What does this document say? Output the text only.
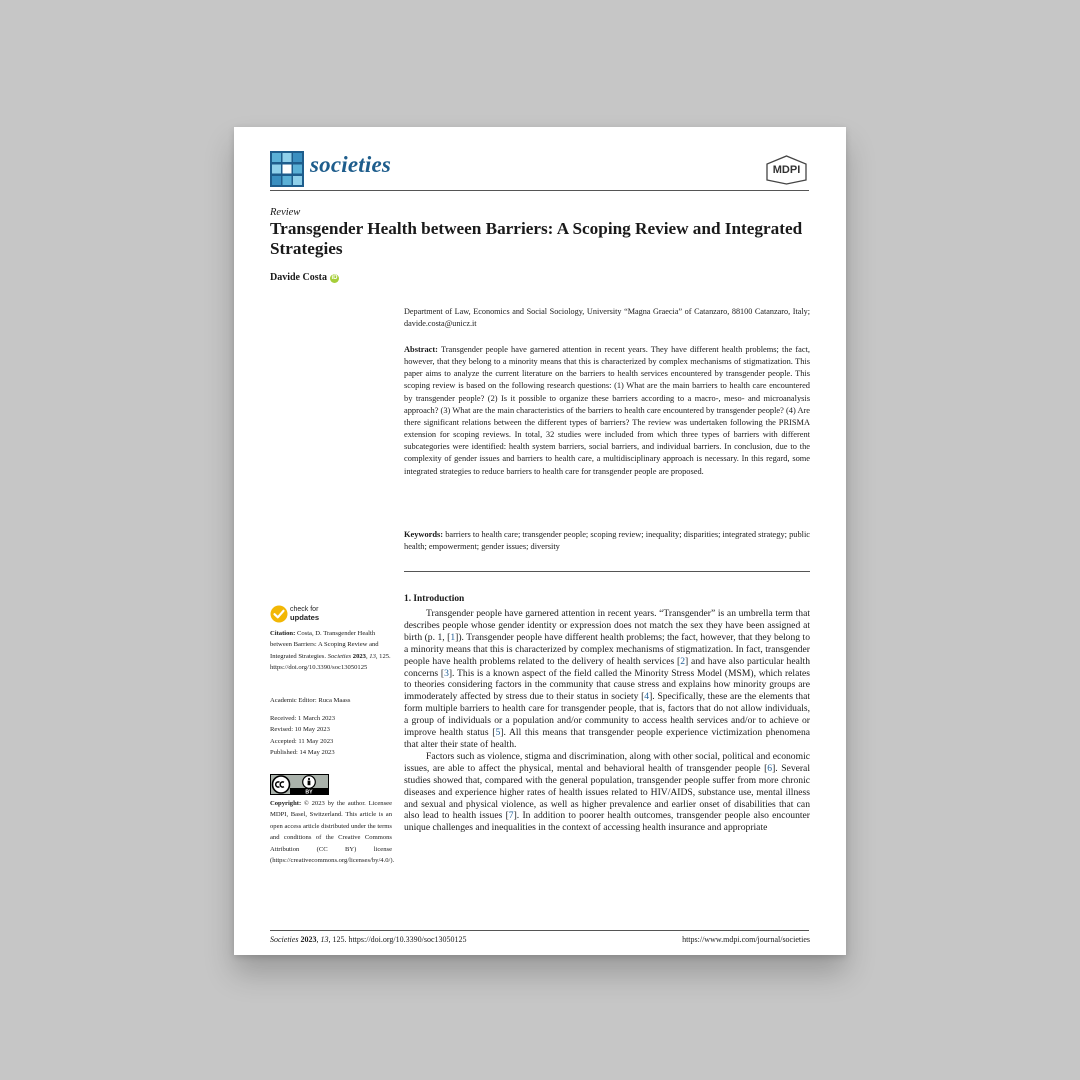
societies	MDPI
Review
Transgender Health between Barriers: A Scoping Review and Integrated Strategies
Davide Costa iD
Department of Law, Economics and Social Sociology, University “Magna Graecia” of Catanzaro, 88100 Catanzaro, Italy; davide.costa@unicz.it
Abstract: Transgender people have garnered attention in recent years. They have different health problems; the fact, however, that they belong to a minority means that this is characterized by complex mechanisms of stigmatization. This paper aims to analyze the current literature on the barriers to health services encountered by transgender people. This scoping review is based on the following research questions: (1) What are the main barriers to health care encountered by transgender people? (2) Is it possible to organize these barriers according to a macro-, meso- and microanalysis approach? (3) What are the main characteristics of the barriers to health care encountered by transgender people? (4) Are there significant relations between the different types of barriers? The review was undertaken following the PRISMA extension for scoping reviews. In total, 32 studies were included from which three types of barriers with different subcategories were identified: health system barriers, social barriers, and individual barriers. In conclusion, due to the complexity of gender issues and barriers to health care, a multidisciplinary approach is necessary. In this regard, some integrated strategies to reduce barriers to health care for transgender people are proposed.
Keywords: barriers to health care; transgender people; scoping review; inequality; disparities; integrated strategy; public health; empowerment; gender issues; diversity
1. Introduction

Transgender people have garnered attention in recent years. “Transgender” is an umbrella term that describes people whose gender identity or expression does not match the sex they have been assigned at birth (p. 1, [1]). Transgender people have different health problems; the fact, however, that they belong to a minority means that this is characterized by complex mechanisms of stigmatization. In fact, transgender people have health problems related to the delivery of health services [2] and have also particular health concerns [3]. This is a known aspect of the field called the Minority Stress Model (MSM), which relates to theories considering factors in the community that cause stress and explains how minority groups are immoderately affected by stress due to their status in society [4]. Specifically, these are the elements that form multiple barriers to health care for transgender people, that is, factors that do not allow individuals, a group of individuals or a population and/or community to access health services and/or to achieve or improve health status [5]. All this means that transgender people experience victimization phenomena that alter their state of health.

Factors such as violence, stigma and discrimination, along with other social, political and economic issues, are able to affect the physical, mental and behavioral health of transgender people [6]. Several studies showed that, compared with the general population, transgender people suffer from more chronic diseases and experience higher rates of health issues related to HIV/AIDS, substance use, mental illness and sexual and physical violence, as well as higher prevalence and earlier onset of disabilities that can also lead to health issues [7]. In addition to poorer health outcomes, transgender people also encounter unique challenges and inequalities in the context of accessing health insurance and appropriate

check for
updates
Citation: Costa, D. Transgender Health between Barriers: A Scoping Review and Integrated Strategies. Societies 2023, 13, 125. https://doi.org/10.3390/soc13050125
Academic Editor: Ruca Maass
Received: 1 March 2023
Revised: 10 May 2023
Accepted: 11 May 2023
Published: 14 May 2023
BY
Copyright: © 2023 by the author. Licensee MDPI, Basel, Switzerland. This article is an open access article distributed under the terms and conditions of the Creative Commons Attribution (CC BY) license (https://creativecommons.org/licenses/by/4.0/).
Societies 2023, 13, 125. https://doi.org/10.3390/soc13050125	https://www.mdpi.com/journal/societies
